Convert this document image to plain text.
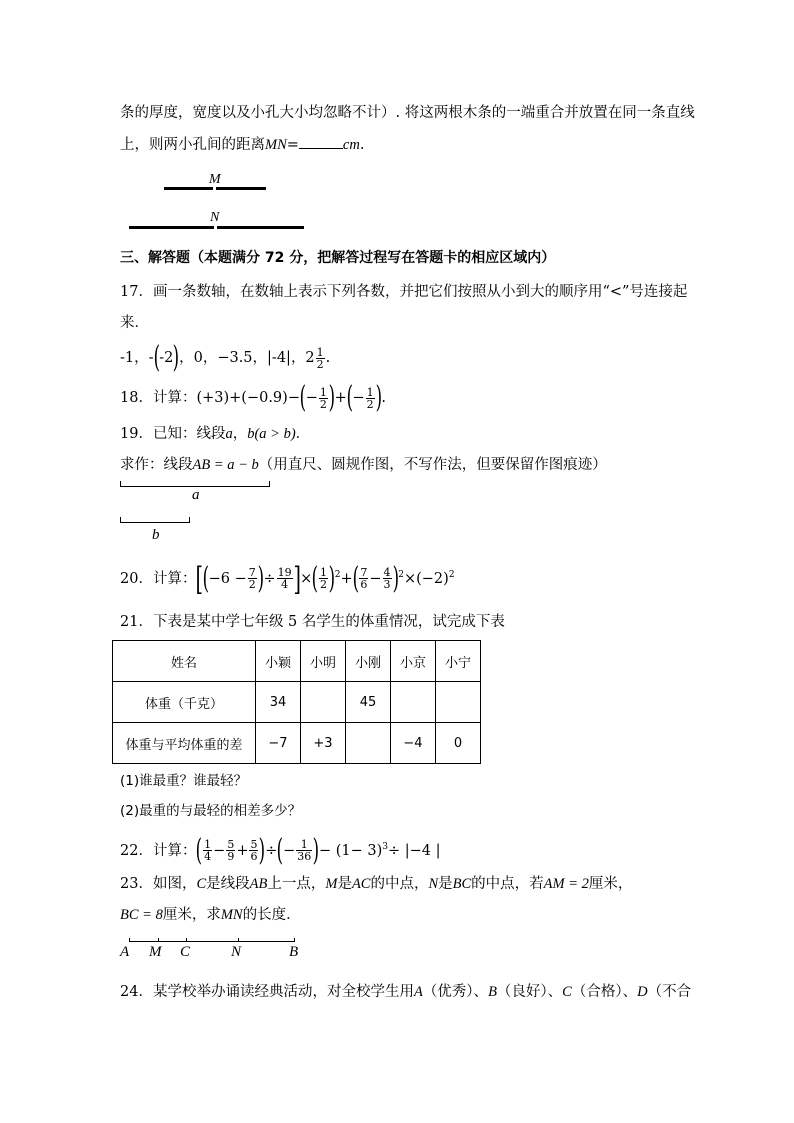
条的厚度，宽度以及小孔大小均忽略不计）. 将这两根木条的一端重合并放置在同一条直线
上，则两小孔间的距离MN=	cm.
M
N
三、解答题（本题满分 72 分，把解答过程写在答题卡的相应区域内）
17．画一条数轴，在数轴上表示下列各数，并把它们按照从小到大的顺序用“<”号连接起
来．
-1，-(-2)，0，−3.5，|-4|，$2 \frac{1}{2}$ .
18．计算：$(+3)+(-0.9)-(- \frac{1}{2}$ )+(− $\frac{1}{2}$ ).
19．已知：线段a，b(a > b)．
求作：线段AB = a − b（用直尺、圆规作图，不写作法，但要保留作图痕迹）
a
b
20．计算：[($-6 - \frac{7}{2}$ )÷ $\frac{19}{4}$ ]×( $\frac{1}{2} )^2+( \frac{7}{6} - \frac{4}{3} )^2\times(-2)^2$
21．下表是某中学七年级 5 名学生的体重情况，试完成下表
姓名	小颖	小明	小刚	小京	小宁
体重（千克）	34		45		
体重与平均体重的差	−7	+3		−4	0
(1)谁最重？谁最轻？
(2)最重的与最轻的相差多少？
22．计算：( $\frac{1}{4} - \frac{5}{9} + \frac{5}{6}$ )÷(− $\frac{1}{36}$ )− $(1- 3)^3\div |-4$ |
23．如图，C是线段AB上一点，M是AC的中点，N是BC的中点，若AM = 2厘米，
BC = 8厘米，求MN的长度．
A M C	N	B
24．某学校举办诵读经典活动，对全校学生用A（优秀）、B（良好）、C（合格）、D（不合
